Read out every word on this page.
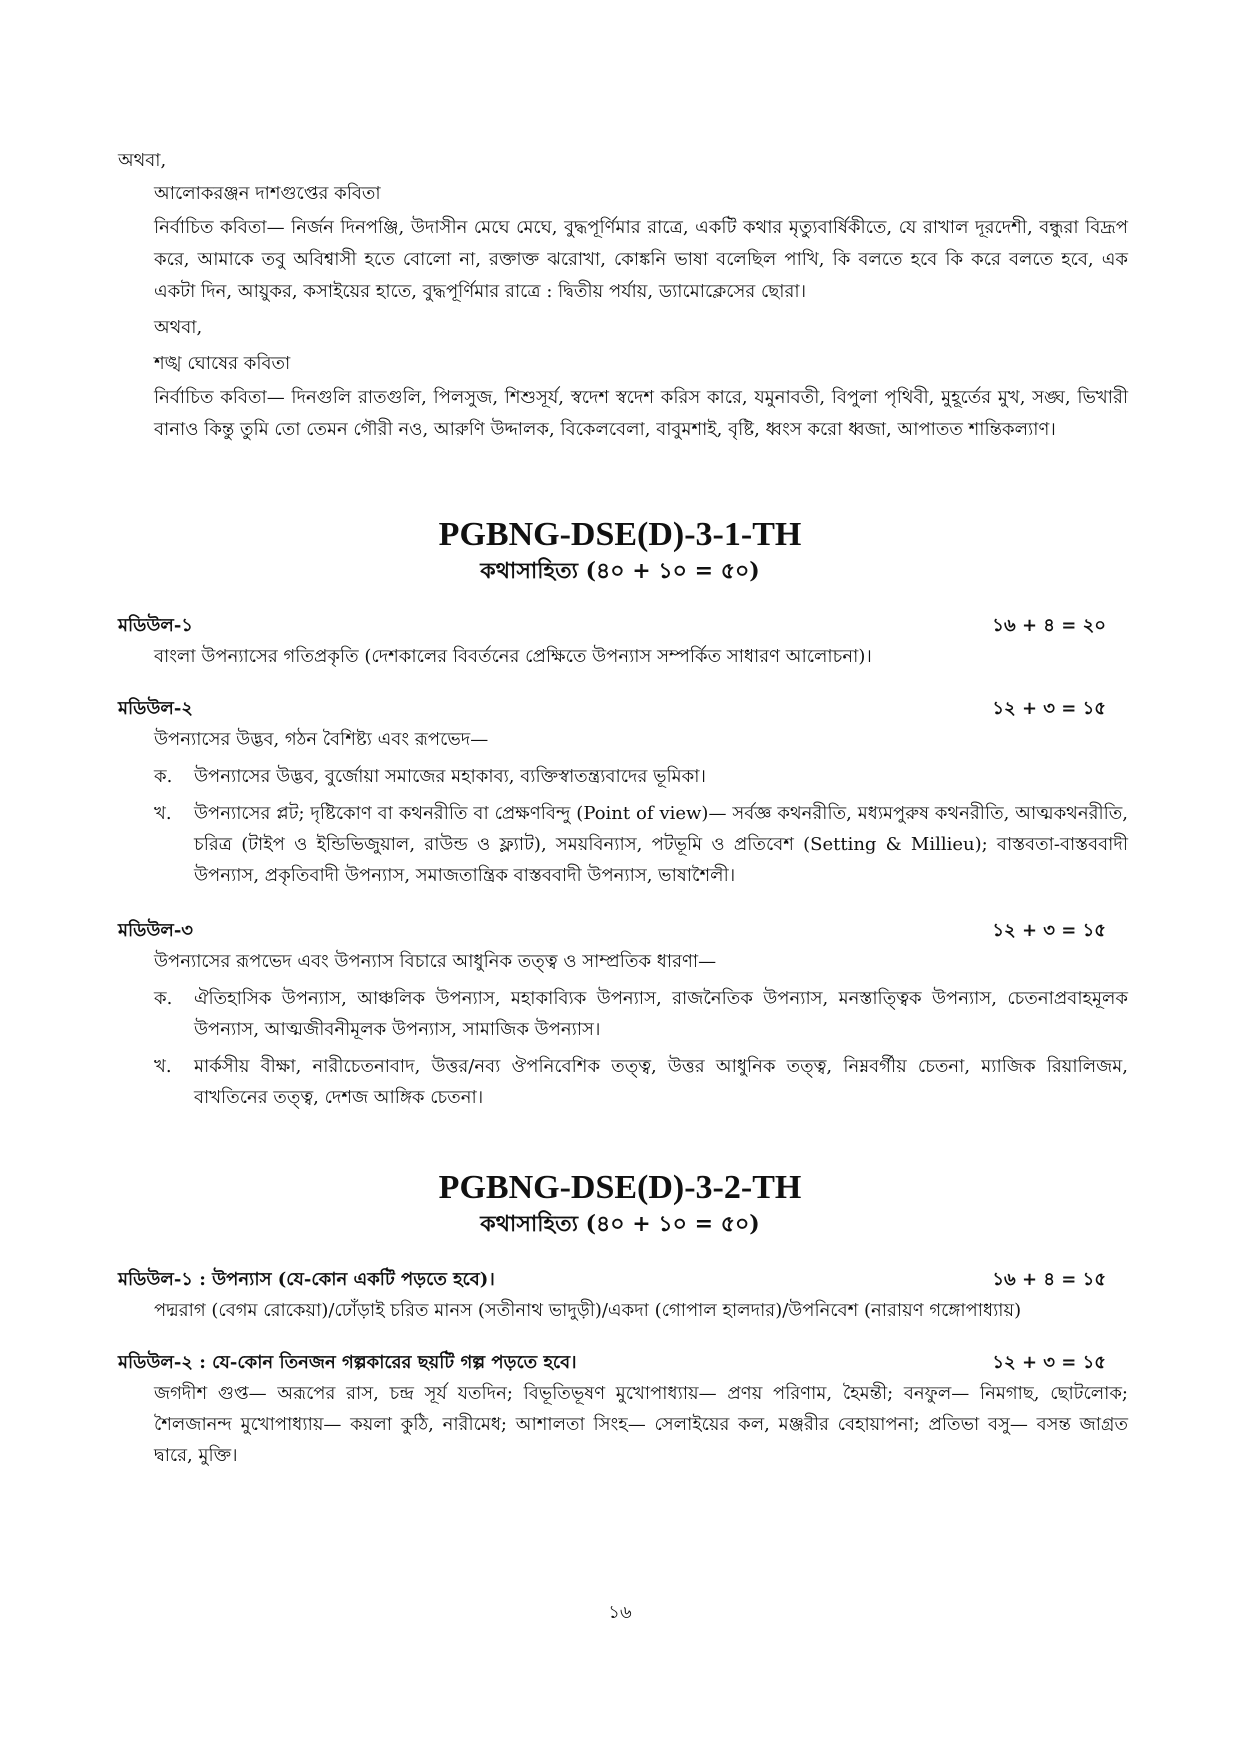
অথবা,

আলোকরঞ্জন দাশগুপ্তের কবিতা

নির্বাচিত কবিতা— নির্জন দিনপঞ্জি, উদাসীন মেঘে মেঘে, বুদ্ধপূর্ণিমার রাত্রে, একটি কথার মৃত্যুবার্ষিকীতে, যে রাখাল দূরদেশী, বন্ধুরা বিদ্রূপ করে, আমাকে তবু অবিশ্বাসী হতে বোলো না, রক্তাক্ত ঝরোখা, কোঙ্কনি ভাষা বলেছিল পাখি, কি বলতে হবে কি করে বলতে হবে, এক একটা দিন, আয়ুকর, কসাইয়ের হাতে, বুদ্ধপূর্ণিমার রাত্রে : দ্বিতীয় পর্যায়, ড্যামোক্লেসের ছোরা।

অথবা,

শঙ্খ ঘোষের কবিতা

নির্বাচিত কবিতা— দিনগুলি রাতগুলি, পিলসুজ, শিশুসূর্য, স্বদেশ স্বদেশ করিস কারে, যমুনাবতী, বিপুলা পৃথিবী, মুহূর্তের মুখ, সঙ্ঘ, ভিখারী বানাও কিন্তু তুমি তো তেমন গৌরী নও, আরুণি উদ্দালক, বিকেলবেলা, বাবুমশাই, বৃষ্টি, ধ্বংস করো ধ্বজা, আপাতত শান্তিকল্যাণ।

PGBNG-DSE(D)-3-1-TH

কথাসাহিত্য (৪০ + ১০ = ৫০)

মডিউল-১	১৬ + ৪ = ২০
বাংলা উপন্যাসের গতিপ্রকৃতি (দেশকালের বিবর্তনের প্রেক্ষিতে উপন্যাস সম্পর্কিত সাধারণ আলোচনা)।
মডিউল-২	১২ + ৩ = ১৫
উপন্যাসের উদ্ভব, গঠন বৈশিষ্ট্য এবং রূপভেদ—
ক.	উপন্যাসের উদ্ভব, বুর্জোয়া সমাজের মহাকাব্য, ব্যক্তিস্বাতন্ত্র্যবাদের ভূমিকা।
খ.	উপন্যাসের প্লট; দৃষ্টিকোণ বা কথনরীতি বা প্রেক্ষণবিন্দু (Point of view)— সর্বজ্ঞ কথনরীতি, মধ্যমপুরুষ কথনরীতি, আত্মকথনরীতি, চরিত্র (টাইপ ও ইন্ডিভিজুয়াল, রাউন্ড ও ফ্ল্যাট), সময়বিন্যাস, পটভূমি ও প্রতিবেশ (Setting & Millieu); বাস্তবতা-বাস্তববাদী উপন্যাস, প্রকৃতিবাদী উপন্যাস, সমাজতান্ত্রিক বাস্তববাদী উপন্যাস, ভাষাশৈলী।
মডিউল-৩	১২ + ৩ = ১৫
উপন্যাসের রূপভেদ এবং উপন্যাস বিচারে আধুনিক তত্ত্ব ও সাম্প্রতিক ধারণা—
ক.	ঐতিহাসিক উপন্যাস, আঞ্চলিক উপন্যাস, মহাকাব্যিক উপন্যাস, রাজনৈতিক উপন্যাস, মনস্তাত্ত্বিক উপন্যাস, চেতনাপ্রবাহমূলক উপন্যাস, আত্মজীবনীমূলক উপন্যাস, সামাজিক উপন্যাস।
খ.	মার্কসীয় বীক্ষা, নারীচেতনাবাদ, উত্তর/নব্য ঔপনিবেশিক তত্ত্ব, উত্তর আধুনিক তত্ত্ব, নিম্নবর্গীয় চেতনা, ম্যাজিক রিয়ালিজম, বাখতিনের তত্ত্ব, দেশজ আঙ্গিক চেতনা।

PGBNG-DSE(D)-3-2-TH

কথাসাহিত্য (৪০ + ১০ = ৫০)

মডিউল-১ : উপন্যাস (যে-কোন একটি পড়তে হবে)।	১৬ + ৪ = ১৫
পদ্মরাগ (বেগম রোকেয়া)/ঢোঁড়াই চরিত মানস (সতীনাথ ভাদুড়ী)/একদা (গোপাল হালদার)/উপনিবেশ (নারায়ণ গঙ্গোপাধ্যায়)
মডিউল-২ : যে-কোন তিনজন গল্পকারের ছয়টি গল্প পড়তে হবে।	১২ + ৩ = ১৫
জগদীশ গুপ্ত— অরূপের রাস, চন্দ্র সূর্য যতদিন; বিভূতিভূষণ মুখোপাধ্যায়— প্রণয় পরিণাম, হৈমন্তী; বনফুল— নিমগাছ, ছোটলোক; শৈলজানন্দ মুখোপাধ্যায়— কয়লা কুঠি, নারীমেধ; আশালতা সিংহ— সেলাইয়ের কল, মঞ্জরীর বেহায়াপনা; প্রতিভা বসু— বসন্ত জাগ্রত দ্বারে, মুক্তি।
১৬
